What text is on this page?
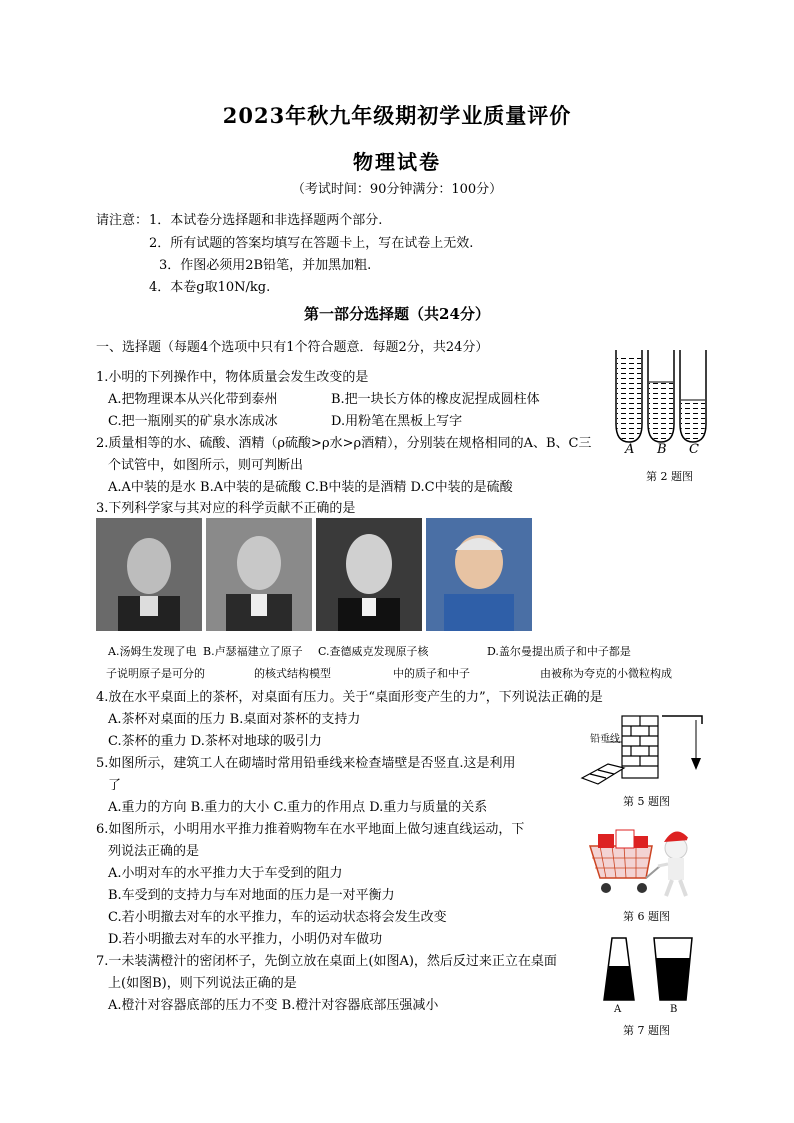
2023年秋九年级期初学业质量评价
物理试卷
（考试时间：90分钟满分：100分）
请注意： 1．本试卷分选择题和非选择题两个部分.
2．所有试题的答案均填写在答题卡上，写在试卷上无效.
3．作图必须用2B铅笔，并加黑加粗.
4．本卷g取10N/kg.
第一部分选择题（共24分）
一、选择题（每题4个选项中只有1个符合题意．每题2分，共24分）
1.小明的下列操作中，物体质量会发生改变的是
A.把物理课本从兴化带到泰州	B.把一块长方体的橡皮泥捏成圆柱体
C.把一瓶刚买的矿泉水冻成冰	D.用粉笔在黑板上写字
2.质量相等的水、硫酸、酒精（ρ硫酸>ρ水>ρ酒精），分别装在规格相同的A、B、C三
个试管中，如图所示，则可判断出
A.A中装的是水 B.A中装的是硫酸 C.B中装的是酒精 D.C中装的是硫酸
A B C
第 2 题图
3.下列科学家与其对应的科学贡献不正确的是
A.汤姆生发现了电
子说明原子是可分的
B.卢瑟福建立了原子
的核式结构模型
C.查德威克发现原子核
中的质子和中子
D.盖尔曼提出质子和中子都是
由被称为夸克的小微粒构成
4.放在水平桌面上的茶杯，对桌面有压力。关于“桌面形变产生的力”，下列说法正确的是
A.茶杯对桌面的压力 B.桌面对茶杯的支持力
C.茶杯的重力 D.茶杯对地球的吸引力	铅垂线
第 5 题图
5.如图所示，建筑工人在砌墙时常用铅垂线来检查墙壁是否竖直.这是利用
了
A.重力的方向 B.重力的大小 C.重力的作用点 D.重力与质量的关系
6.如图所示，小明用水平推力推着购物车在水平地面上做匀速直线运动，下
列说法正确的是
A.小明对车的水平推力大于车受到的阻力
B.车受到的支持力与车对地面的压力是一对平衡力
C.若小明撤去对车的水平推力，车的运动状态将会发生改变
D.若小明撤去对车的水平推力，小明仍对车做功
第 6 题图
7.一未装满橙汁的密闭杯子，先倒立放在桌面上(如图A)，然后反过来正立在桌面
上(如图B)，则下列说法正确的是
A.橙汁对容器底部的压力不变 B.橙汁对容器底部压强减小	A	B
第 7 题图
